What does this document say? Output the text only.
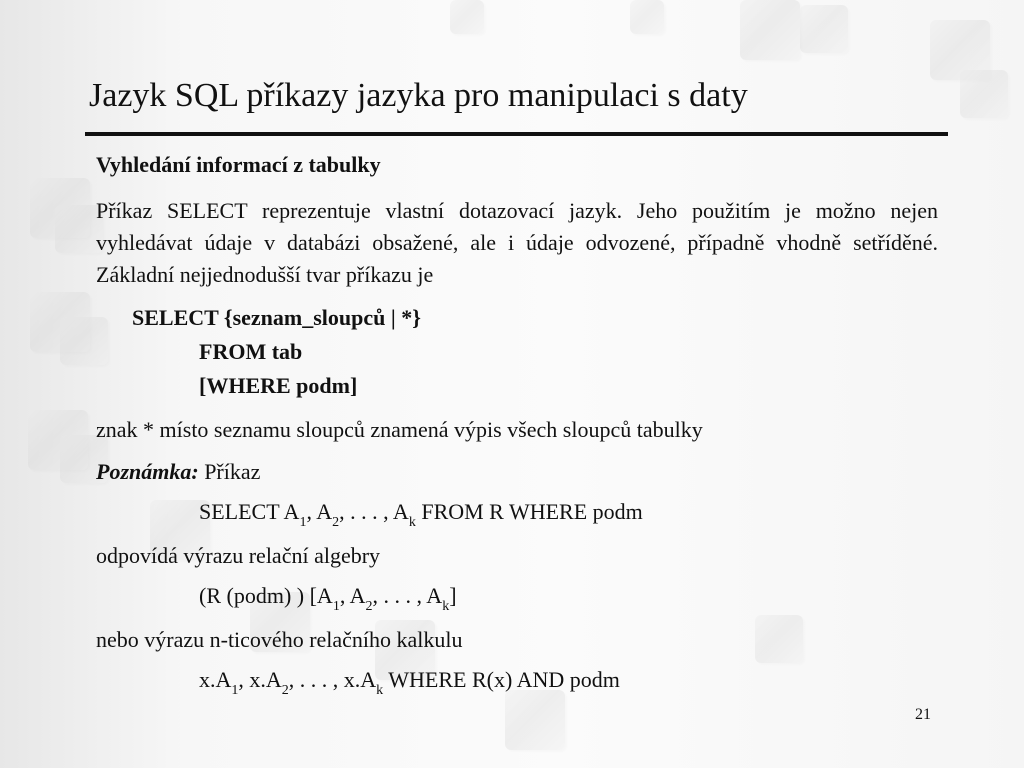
Jazyk SQL příkazy jazyka pro manipulaci s daty
Vyhledání informací z tabulky
Příkaz SELECT reprezentuje vlastní dotazovací jazyk. Jeho použitím je možno nejen vyhledávat údaje v databázi obsažené, ale i údaje odvozené, případně vhodně setříděné. Základní nejjednodušší tvar příkazu je
SELECT {seznam_sloupců | *}
FROM tab
[WHERE podm]
znak * místo seznamu sloupců znamená výpis všech sloupců tabulky
Poznámka: Příkaz
SELECT $A_1$, $A_2$, . . . , $A_k$ FROM R WHERE podm
odpovídá výrazu relační algebry
(R (podm) ) [$A_1$, $A_2$, . . . , $A_k$]
nebo výrazu n-ticového relačního kalkulu
$x.A_1$, $x.A_2$, . . . , $x.A_k$ WHERE R(x) AND podm
21
